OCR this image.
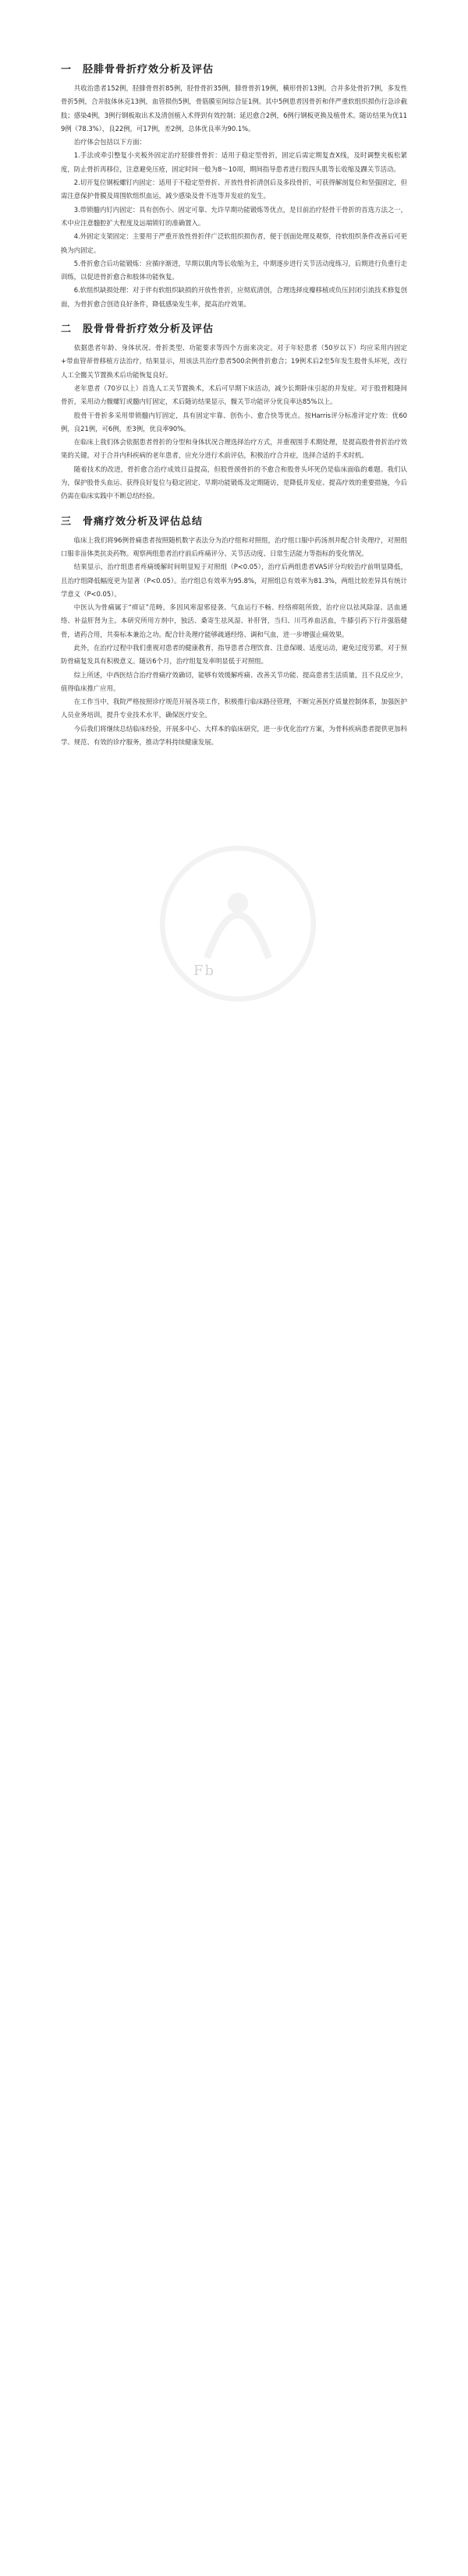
一　胫腓骨骨折疗效分析及评估

共收治患者152例，胫腓骨骨折85例，胫骨骨折35例，腓骨骨折19例，横形骨折13例。合并多处骨折7例，多发性骨折5例，合并肢体休克13例，血管损伤5例，骨筋膜室间综合征1例。其中5例患者因骨折和伴严重软组织损伤行急诊截肢；感染4例，3例行钢板取出术及清创植入术得到有效控制；延迟愈合2例，6例行钢板更换及植骨术。随访结果为优119例（78.3%），良22例，可17例，差2例，总体优良率为90.1%。

治疗体会包括以下方面：

1.手法或牵引整复小夹板外固定治疗胫腓骨骨折：适用于稳定型骨折，固定后需定期复查X线，及时调整夹板松紧度，防止骨折再移位，注意避免压疮，固定时间一般为8～10周，期间指导患者进行股四头肌等长收缩及踝关节活动。

2.切开复位钢板螺钉内固定：适用于不稳定型骨折、开放性骨折清创后及多段骨折，可获得解剖复位和坚强固定，但需注意保护骨膜及周围软组织血运，减少感染及骨不连等并发症的发生。

3.带锁髓内钉内固定：具有创伤小、固定可靠、允许早期功能锻炼等优点，是目前治疗胫骨干骨折的首选方法之一，术中应注意髓腔扩大程度及远端锁钉的准确置入。

4.外固定支架固定：主要用于严重开放性骨折伴广泛软组织损伤者，便于创面处理及观察，待软组织条件改善后可更换为内固定。

5.骨折愈合后功能锻炼：应循序渐进，早期以肌肉等长收缩为主，中期逐步进行关节活动度练习，后期进行负重行走训练，以促进骨折愈合和肢体功能恢复。

6.软组织缺损处理：对于伴有软组织缺损的开放性骨折，应彻底清创，合理选择皮瓣移植或负压封闭引流技术修复创面，为骨折愈合创造良好条件，降低感染发生率，提高治疗效果。

二　股骨骨骨折疗效分析及评估

依据患者年龄、身体状况、骨折类型、功能要求等四个方面来决定。对于年轻患者（50岁以下）均应采用内固定+带血管蒂骨移植方法治疗，结果显示，用该法共治疗患者500余例骨折愈合；19例术后2至5年发生股骨头坏死，改行人工全髋关节置换术后功能恢复良好。

老年患者（70岁以上）首选人工关节置换术，术后可早期下床活动，减少长期卧床引起的并发症。对于股骨粗隆间骨折，采用动力髋螺钉或髓内钉固定，术后随访结果显示，髋关节功能评分优良率达85%以上。

股骨干骨折多采用带锁髓内钉固定，具有固定牢靠、创伤小、愈合快等优点。按Harris评分标准评定疗效：优60例，良21例，可6例，差3例，优良率90%。

在临床上我们体会依据患者骨折的分型和身体状况合理选择治疗方式，并重视围手术期处理，是提高股骨骨折治疗效果的关键。对于合并内科疾病的老年患者，应充分进行术前评估，积极治疗合并症，选择合适的手术时机。

随着技术的改进，骨折愈合治疗成效日益提高，但股骨颈骨折的不愈合和股骨头坏死仍是临床面临的难题。我们认为，保护股骨头血运、获得良好复位与稳定固定、早期功能锻炼及定期随访，是降低并发症、提高疗效的重要措施，今后仍需在临床实践中不断总结经验。

三　骨痛疗效分析及评估总结

临床上我们将96例骨痛患者按照随机数字表法分为治疗组和对照组，治疗组口服中药汤剂并配合针灸理疗，对照组口服非甾体类抗炎药物。观察两组患者治疗前后疼痛评分、关节活动度、日常生活能力等指标的变化情况。

结果显示，治疗组患者疼痛缓解时间明显短于对照组（P<0.05），治疗后两组患者VAS评分均较治疗前明显降低，且治疗组降低幅度更为显著（P<0.05）。治疗组总有效率为95.8%，对照组总有效率为81.3%，两组比较差异具有统计学意义（P<0.05）。

中医认为骨痛属于“痹证”范畴，多因风寒湿邪侵袭、气血运行不畅、经络痹阻所致，治疗应以祛风除湿、活血通络、补益肝肾为主。本研究所用方剂中，独活、桑寄生祛风湿、补肝肾，当归、川芎养血活血，牛膝引药下行并强筋健骨，诸药合用，共奏标本兼治之功。配合针灸理疗能够疏通经络、调和气血，进一步增强止痛效果。

此外，在治疗过程中我们重视对患者的健康教育，指导患者合理饮食、注意保暖、适度运动，避免过度劳累，对于预防骨痛复发具有积极意义。随访6个月，治疗组复发率明显低于对照组。

综上所述，中西医结合治疗骨痛疗效确切，能够有效缓解疼痛、改善关节功能、提高患者生活质量，且不良反应少，值得临床推广应用。

在工作当中，我院严格按照诊疗规范开展各项工作，积极推行临床路径管理，不断完善医疗质量控制体系，加强医护人员业务培训，提升专业技术水平，确保医疗安全。

今后我们将继续总结临床经验，开展多中心、大样本的临床研究，进一步优化治疗方案，为骨科疾病患者提供更加科学、规范、有效的诊疗服务，推动学科持续健康发展。

Fb
